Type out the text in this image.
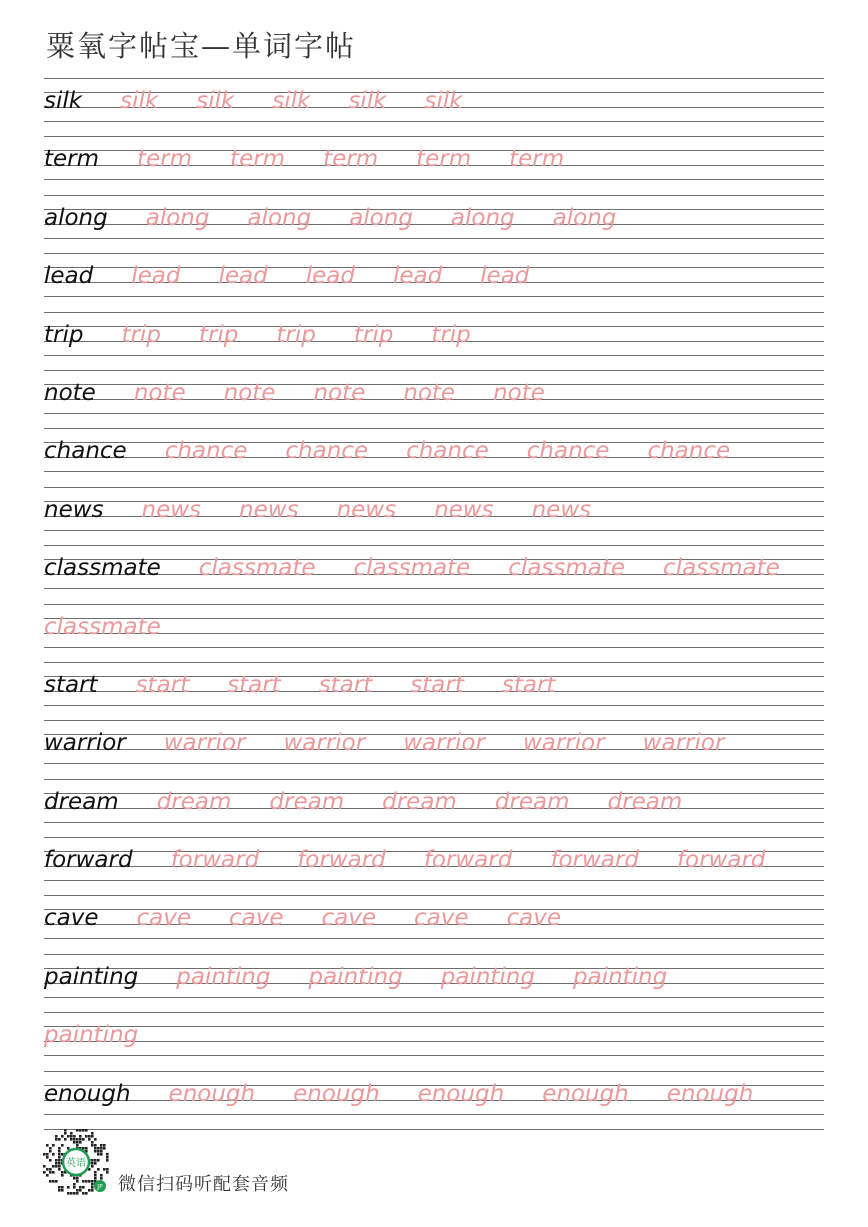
粟氧字帖宝—单词字帖
silk silk silk silk silk silk
term term term term term term
along along along along along along
lead lead lead lead lead lead
trip trip trip trip trip trip
note note note note note note
chance chance chance chance chance chance
news news news news news news
classmate classmate classmate classmate classmate
classmate
start start start start start start
warrior warrior warrior warrior warrior warrior
dream dream dream dream dream dream
forward forward forward forward forward forward
cave cave cave cave cave cave
painting painting painting painting painting
painting
enough enough enough enough enough enough
英语
JP 微信扫码听配套音频
